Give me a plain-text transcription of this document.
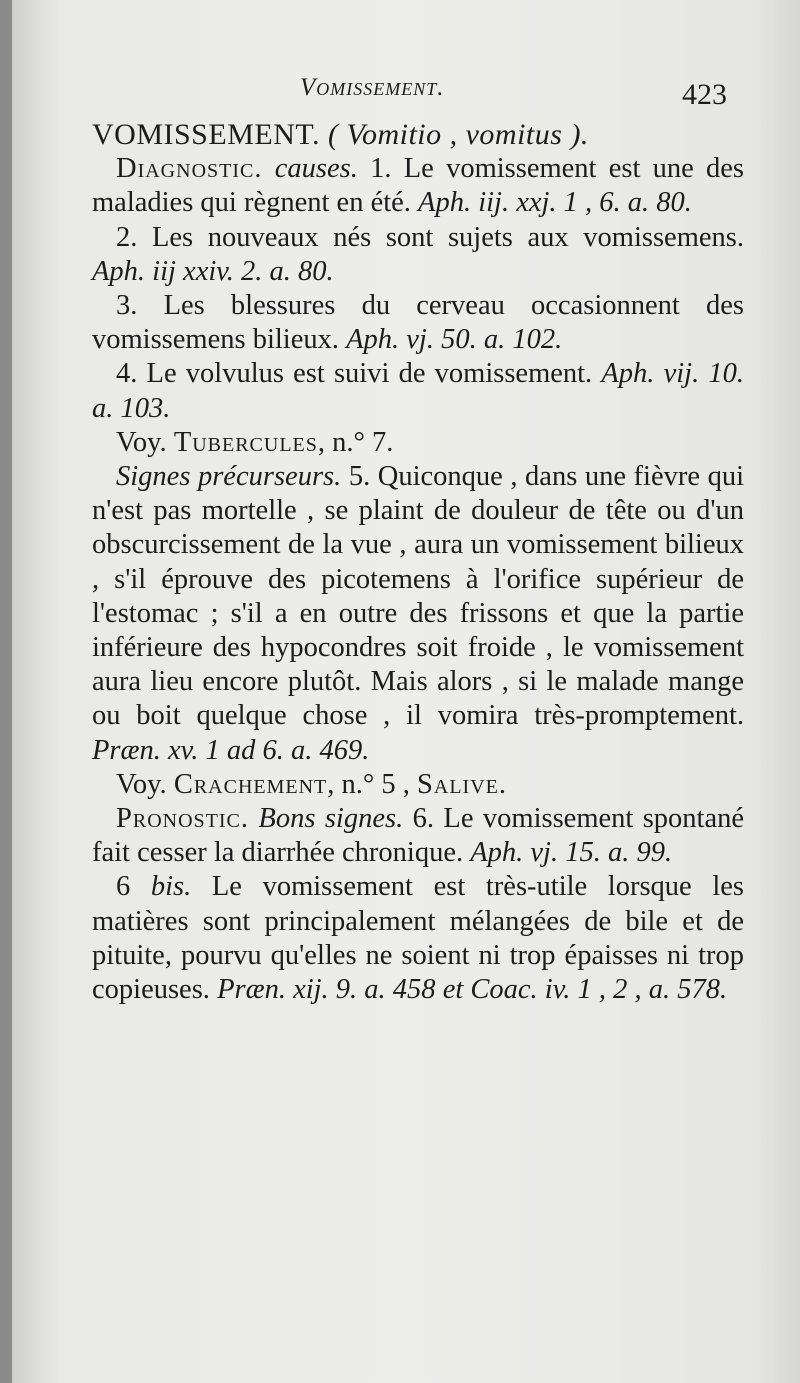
Vomissement.	423

VOMISSEMENT. ( Vomitio , vomitus ).

Diagnostic. causes. 1. Le vomissement est une des maladies qui règnent en été. Aph. iij. xxj. 1 , 6. a. 80.

2. Les nouveaux nés sont sujets aux vomissemens. Aph. iij xxiv. 2. a. 80.

3. Les blessures du cerveau occasionnent des vomissemens bilieux. Aph. vj. 50. a. 102.

4. Le volvulus est suivi de vomissement. Aph. vij. 10. a. 103.

Voy. Tubercules, n.° 7.

Signes précurseurs. 5. Quiconque , dans une fièvre qui n'est pas mortelle , se plaint de douleur de tête ou d'un obscurcissement de la vue , aura un vomissement bilieux , s'il éprouve des picotemens à l'orifice supérieur de l'estomac ; s'il a en outre des frissons et que la partie inférieure des hypocondres soit froide , le vomissement aura lieu encore plutôt. Mais alors , si le malade mange ou boit quelque chose , il vomira très-promptement. Præn. xv. 1 ad 6. a. 469.

Voy. Crachement, n.° 5 , Salive.

Pronostic. Bons signes. 6. Le vomissement spontané fait cesser la diarrhée chronique. Aph. vj. 15. a. 99.

6 bis. Le vomissement est très-utile lorsque les matières sont principalement mélangées de bile et de pituite, pourvu qu'elles ne soient ni trop épaisses ni trop copieuses. Præn. xij. 9. a. 458 et Coac. iv. 1 , 2 , a. 578.
